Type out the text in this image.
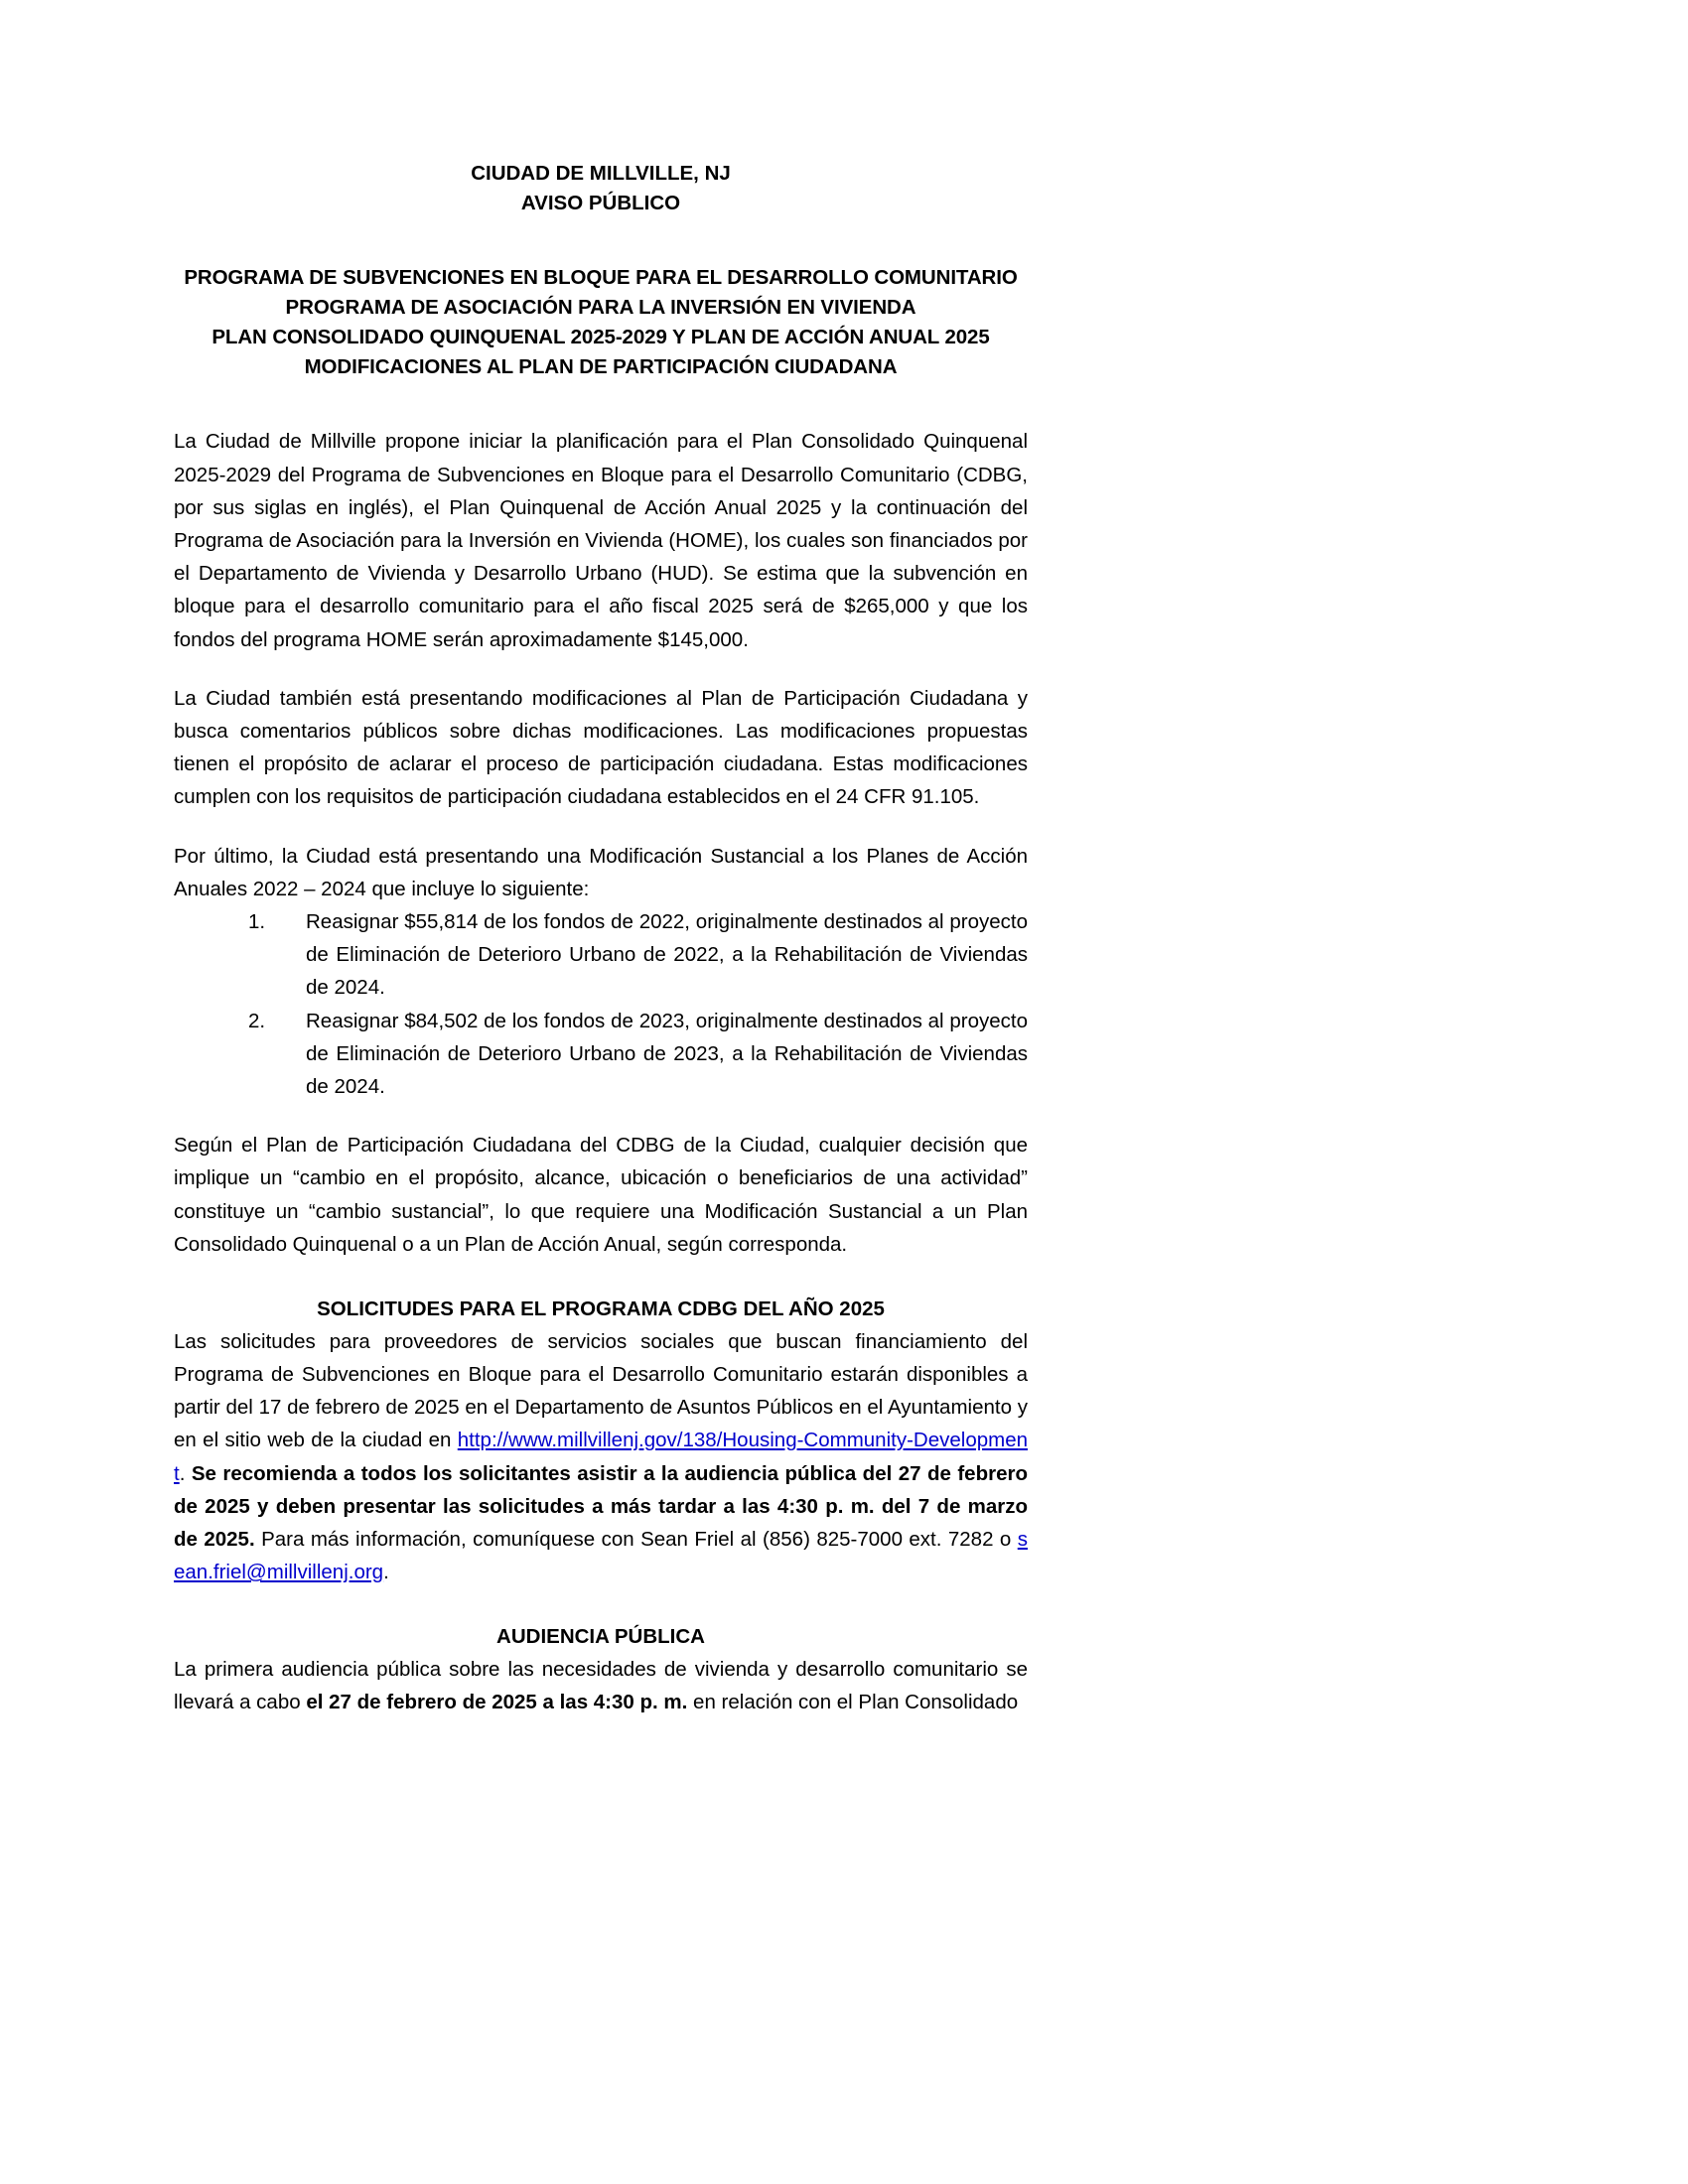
CIUDAD DE MILLVILLE, NJ
AVISO PÚBLICO
PROGRAMA DE SUBVENCIONES EN BLOQUE PARA EL DESARROLLO COMUNITARIO
PROGRAMA DE ASOCIACIÓN PARA LA INVERSIÓN EN VIVIENDA
PLAN CONSOLIDADO QUINQUENAL 2025-2029 Y PLAN DE ACCIÓN ANUAL 2025
MODIFICACIONES AL PLAN DE PARTICIPACIÓN CIUDADANA

La Ciudad de Millville propone iniciar la planificación para el Plan Consolidado Quinquenal 2025-2029 del Programa de Subvenciones en Bloque para el Desarrollo Comunitario (CDBG, por sus siglas en inglés), el Plan Quinquenal de Acción Anual 2025 y la continuación del Programa de Asociación para la Inversión en Vivienda (HOME), los cuales son financiados por el Departamento de Vivienda y Desarrollo Urbano (HUD). Se estima que la subvención en bloque para el desarrollo comunitario para el año fiscal 2025 será de $265,000 y que los fondos del programa HOME serán aproximadamente $145,000.

La Ciudad también está presentando modificaciones al Plan de Participación Ciudadana y busca comentarios públicos sobre dichas modificaciones. Las modificaciones propuestas tienen el propósito de aclarar el proceso de participación ciudadana. Estas modificaciones cumplen con los requisitos de participación ciudadana establecidos en el 24 CFR 91.105.

Por último, la Ciudad está presentando una Modificación Sustancial a los Planes de Acción Anuales 2022 – 2024 que incluye lo siguiente:

Reasignar $55,814 de los fondos de 2022, originalmente destinados al proyecto de Eliminación de Deterioro Urbano de 2022, a la Rehabilitación de Viviendas de 2024.
Reasignar $84,502 de los fondos de 2023, originalmente destinados al proyecto de Eliminación de Deterioro Urbano de 2023, a la Rehabilitación de Viviendas de 2024.

Según el Plan de Participación Ciudadana del CDBG de la Ciudad, cualquier decisión que implique un “cambio en el propósito, alcance, ubicación o beneficiarios de una actividad” constituye un “cambio sustancial”, lo que requiere una Modificación Sustancial a un Plan Consolidado Quinquenal o a un Plan de Acción Anual, según corresponda.

SOLICITUDES PARA EL PROGRAMA CDBG DEL AÑO 2025

Las solicitudes para proveedores de servicios sociales que buscan financiamiento del Programa de Subvenciones en Bloque para el Desarrollo Comunitario estarán disponibles a partir del 17 de febrero de 2025 en el Departamento de Asuntos Públicos en el Ayuntamiento y en el sitio web de la ciudad en http://www.millvillenj.gov/138/Housing-Community-Development. Se recomienda a todos los solicitantes asistir a la audiencia pública del 27 de febrero de 2025 y deben presentar las solicitudes a más tardar a las 4:30 p. m. del 7 de marzo de 2025. Para más información, comuníquese con Sean Friel al (856) 825-7000 ext. 7282 o sean.friel@millvillenj.org.

AUDIENCIA PÚBLICA

La primera audiencia pública sobre las necesidades de vivienda y desarrollo comunitario se llevará a cabo el 27 de febrero de 2025 a las 4:30 p. m. en relación con el Plan Consolidado
